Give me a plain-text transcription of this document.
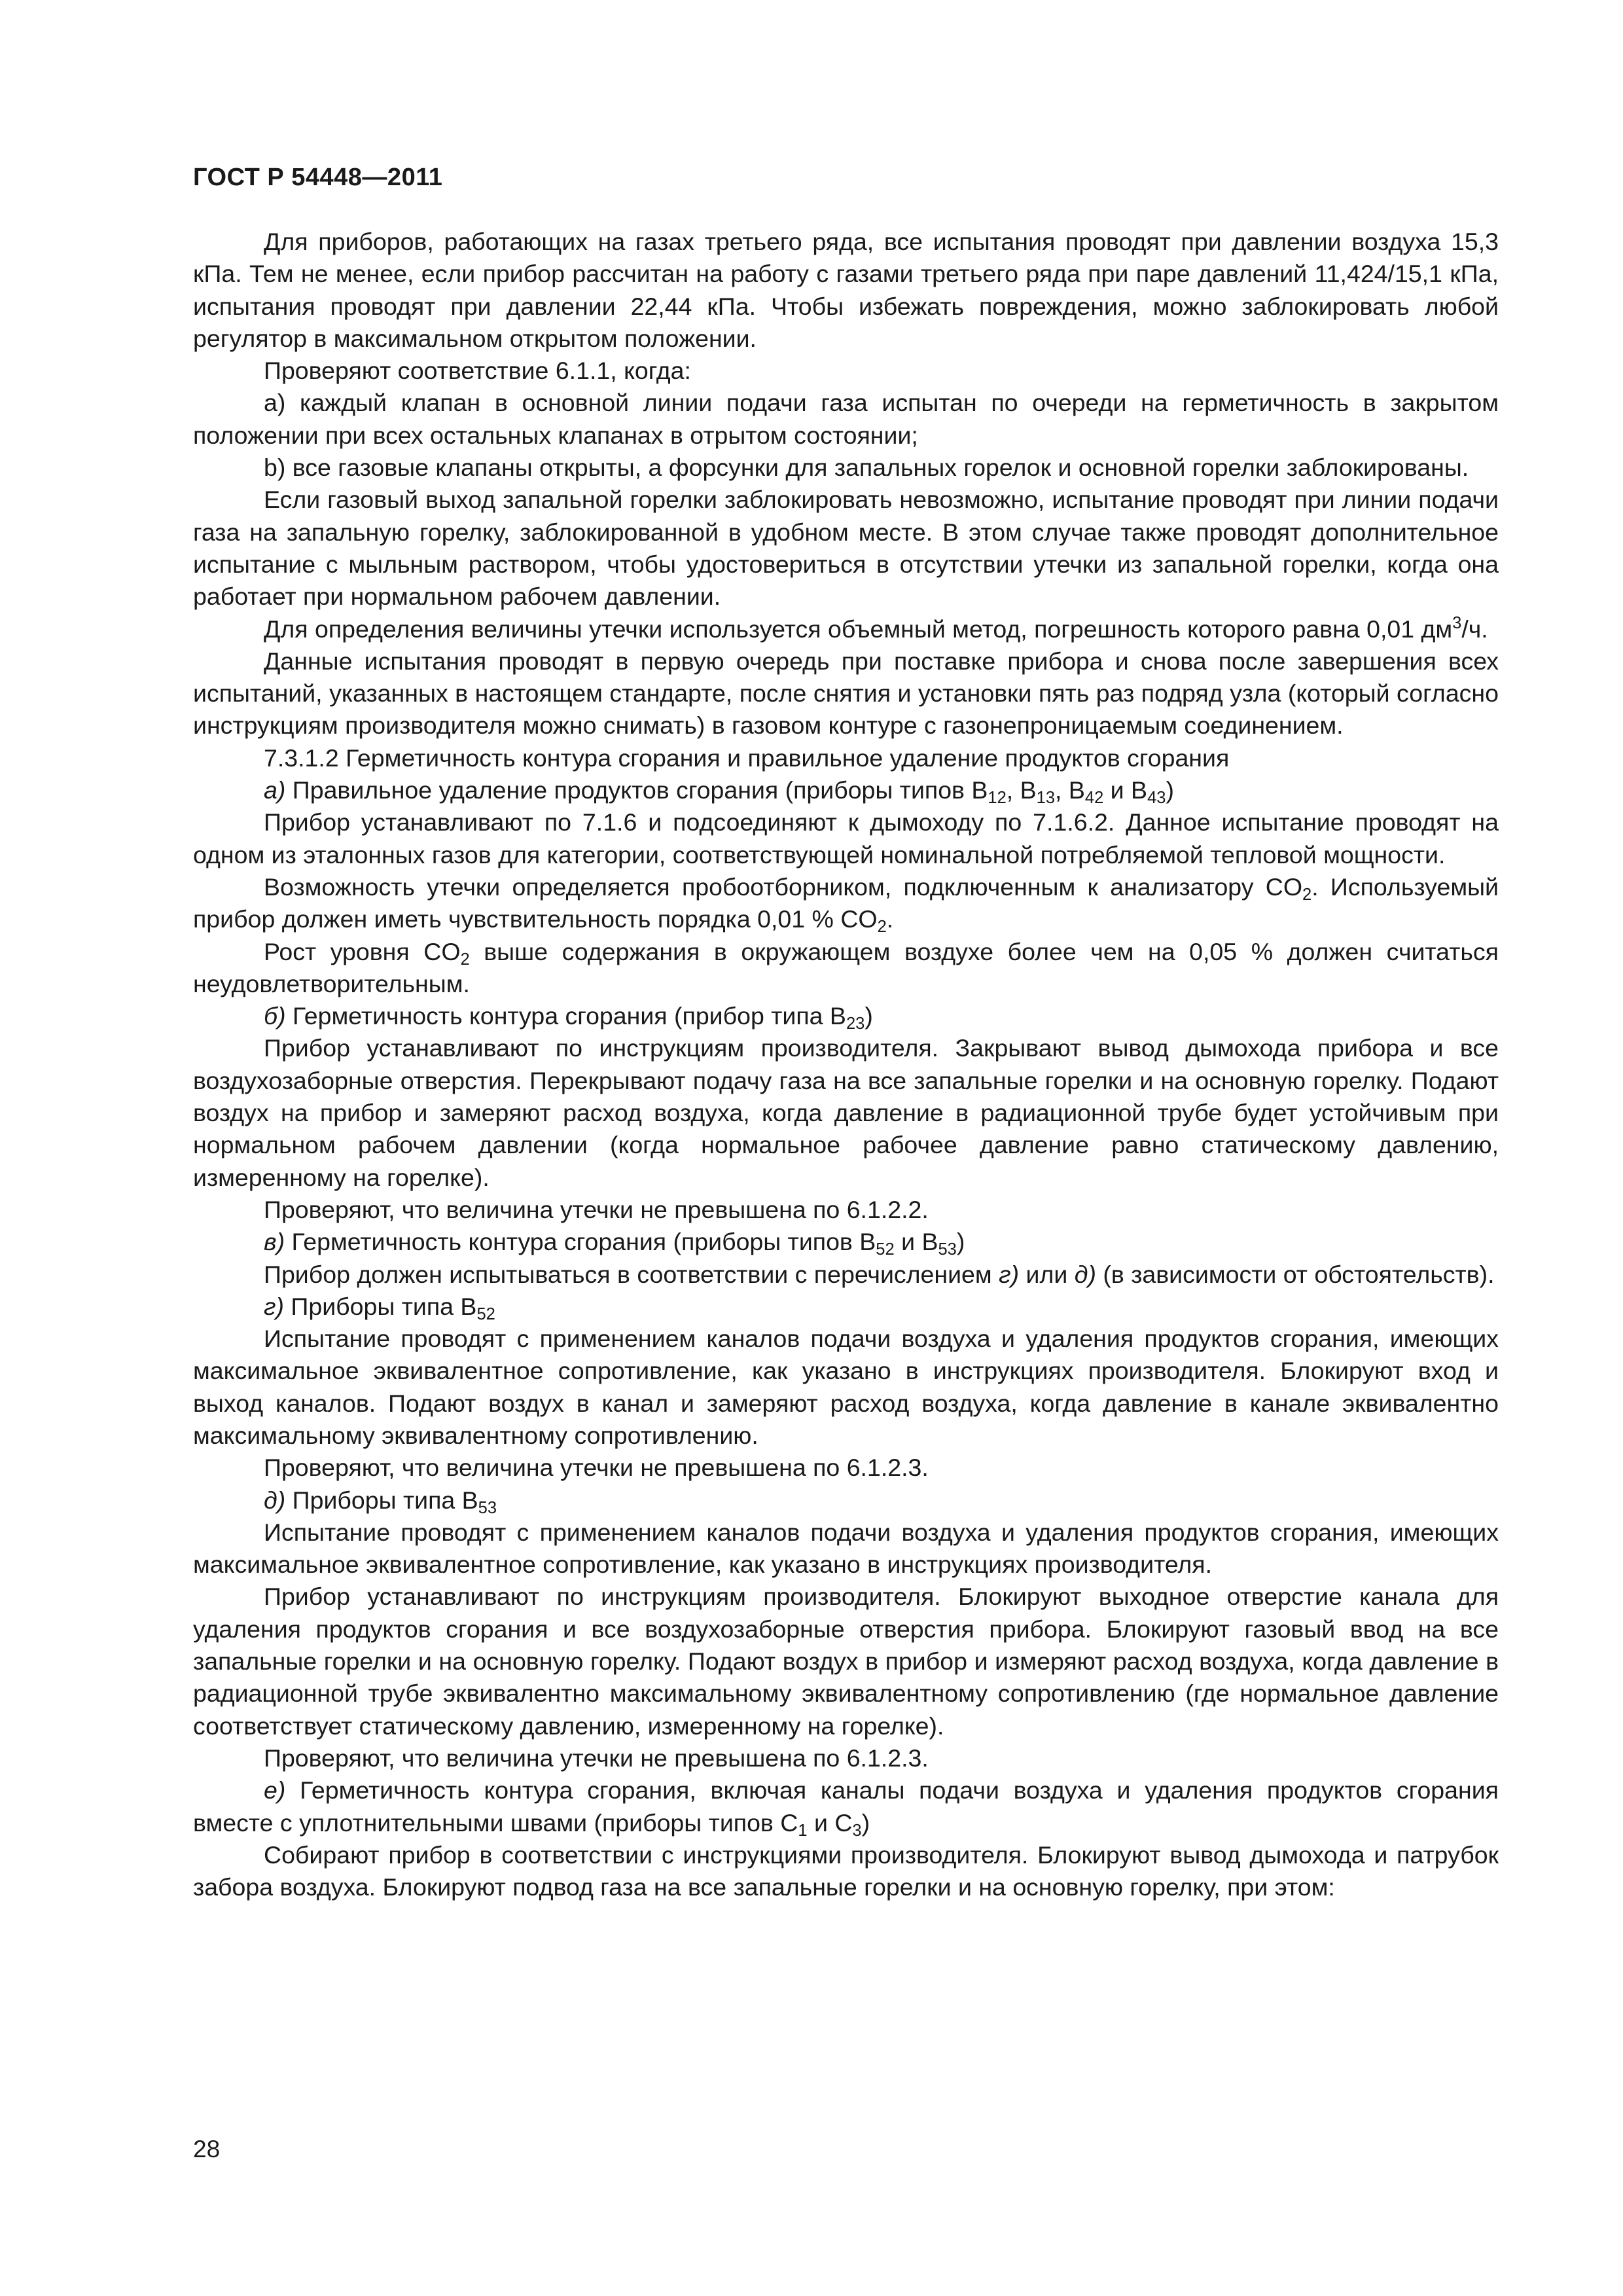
ГОСТ Р 54448—2011

Для приборов, работающих на газах третьего ряда, все испытания проводят при давлении воздуха 15,3 кПа. Тем не менее, если прибор рассчитан на работу с газами третьего ряда при паре давлений 11,424/15,1 кПа, испытания проводят при давлении 22,44 кПа. Чтобы избежать повреждения, можно заблокировать любой регулятор в максимальном открытом положении.

Проверяют соответствие 6.1.1, когда:

a) каждый клапан в основной линии подачи газа испытан по очереди на герметичность в закрытом положении при всех остальных клапанах в отрытом состоянии;

b) все газовые клапаны открыты, а форсунки для запальных горелок и основной горелки заблокированы.

Если газовый выход запальной горелки заблокировать невозможно, испытание проводят при линии подачи газа на запальную горелку, заблокированной в удобном месте. В этом случае также проводят дополнительное испытание с мыльным раствором, чтобы удостовериться в отсутствии утечки из запальной горелки, когда она работает при нормальном рабочем давлении.

Для определения величины утечки используется объемный метод, погрешность которого равна 0,01 $дм^3/ч$.

Данные испытания проводят в первую очередь при поставке прибора и снова после завершения всех испытаний, указанных в настоящем стандарте, после снятия и установки пять раз подряд узла (который согласно инструкциям производителя можно снимать) в газовом контуре с газонепроницаемым соединением.

7.3.1.2 Герметичность контура сгорания и правильное удаление продуктов сгорания

а) Правильное удаление продуктов сгорания (приборы типов $В_{12}$, $В_{13}$, $В_{42}$ и $В_{43}$)

Прибор устанавливают по 7.1.6 и подсоединяют к дымоходу по 7.1.6.2. Данное испытание проводят на одном из эталонных газов для категории, соответствующей номинальной потребляемой тепловой мощности.

Возможность утечки определяется пробоотборником, подключенным к анализатору $CO_2$. Используемый прибор должен иметь чувствительность порядка 0,01 % $CO_2$.

Рост уровня $CO_2$ выше содержания в окружающем воздухе более чем на 0,05 % должен считаться неудовлетворительным.

б) Герметичность контура сгорания (прибор типа $В_{23}$)

Прибор устанавливают по инструкциям производителя. Закрывают вывод дымохода прибора и все воздухозаборные отверстия. Перекрывают подачу газа на все запальные горелки и на основную горелку. Подают воздух на прибор и замеряют расход воздуха, когда давление в радиационной трубе будет устойчивым при нормальном рабочем давлении (когда нормальное рабочее давление равно статическому давлению, измеренному на горелке).

Проверяют, что величина утечки не превышена по 6.1.2.2.

в) Герметичность контура сгорания (приборы типов $В_{52}$ и $В_{53}$)

Прибор должен испытываться в соответствии с перечислением г) или д) (в зависимости от обстоятельств).

г) Приборы типа $В_{52}$

Испытание проводят с применением каналов подачи воздуха и удаления продуктов сгорания, имеющих максимальное эквивалентное сопротивление, как указано в инструкциях производителя. Блокируют вход и выход каналов. Подают воздух в канал и замеряют расход воздуха, когда давление в канале эквивалентно максимальному эквивалентному сопротивлению.

Проверяют, что величина утечки не превышена по 6.1.2.3.

д) Приборы типа $В_{53}$

Испытание проводят с применением каналов подачи воздуха и удаления продуктов сгорания, имеющих максимальное эквивалентное сопротивление, как указано в инструкциях производителя.

Прибор устанавливают по инструкциям производителя. Блокируют выходное отверстие канала для удаления продуктов сгорания и все воздухозаборные отверстия прибора. Блокируют газовый ввод на все запальные горелки и на основную горелку. Подают воздух в прибор и измеряют расход воздуха, когда давление в радиационной трубе эквивалентно максимальному эквивалентному сопротивлению (где нормальное давление соответствует статическому давлению, измеренному на горелке).

Проверяют, что величина утечки не превышена по 6.1.2.3.

е) Герметичность контура сгорания, включая каналы подачи воздуха и удаления продуктов сгорания вместе с уплотнительными швами (приборы типов $С_1$ и $С_3$)

Собирают прибор в соответствии с инструкциями производителя. Блокируют вывод дымохода и патрубок забора воздуха. Блокируют подвод газа на все запальные горелки и на основную горелку, при этом:

28
